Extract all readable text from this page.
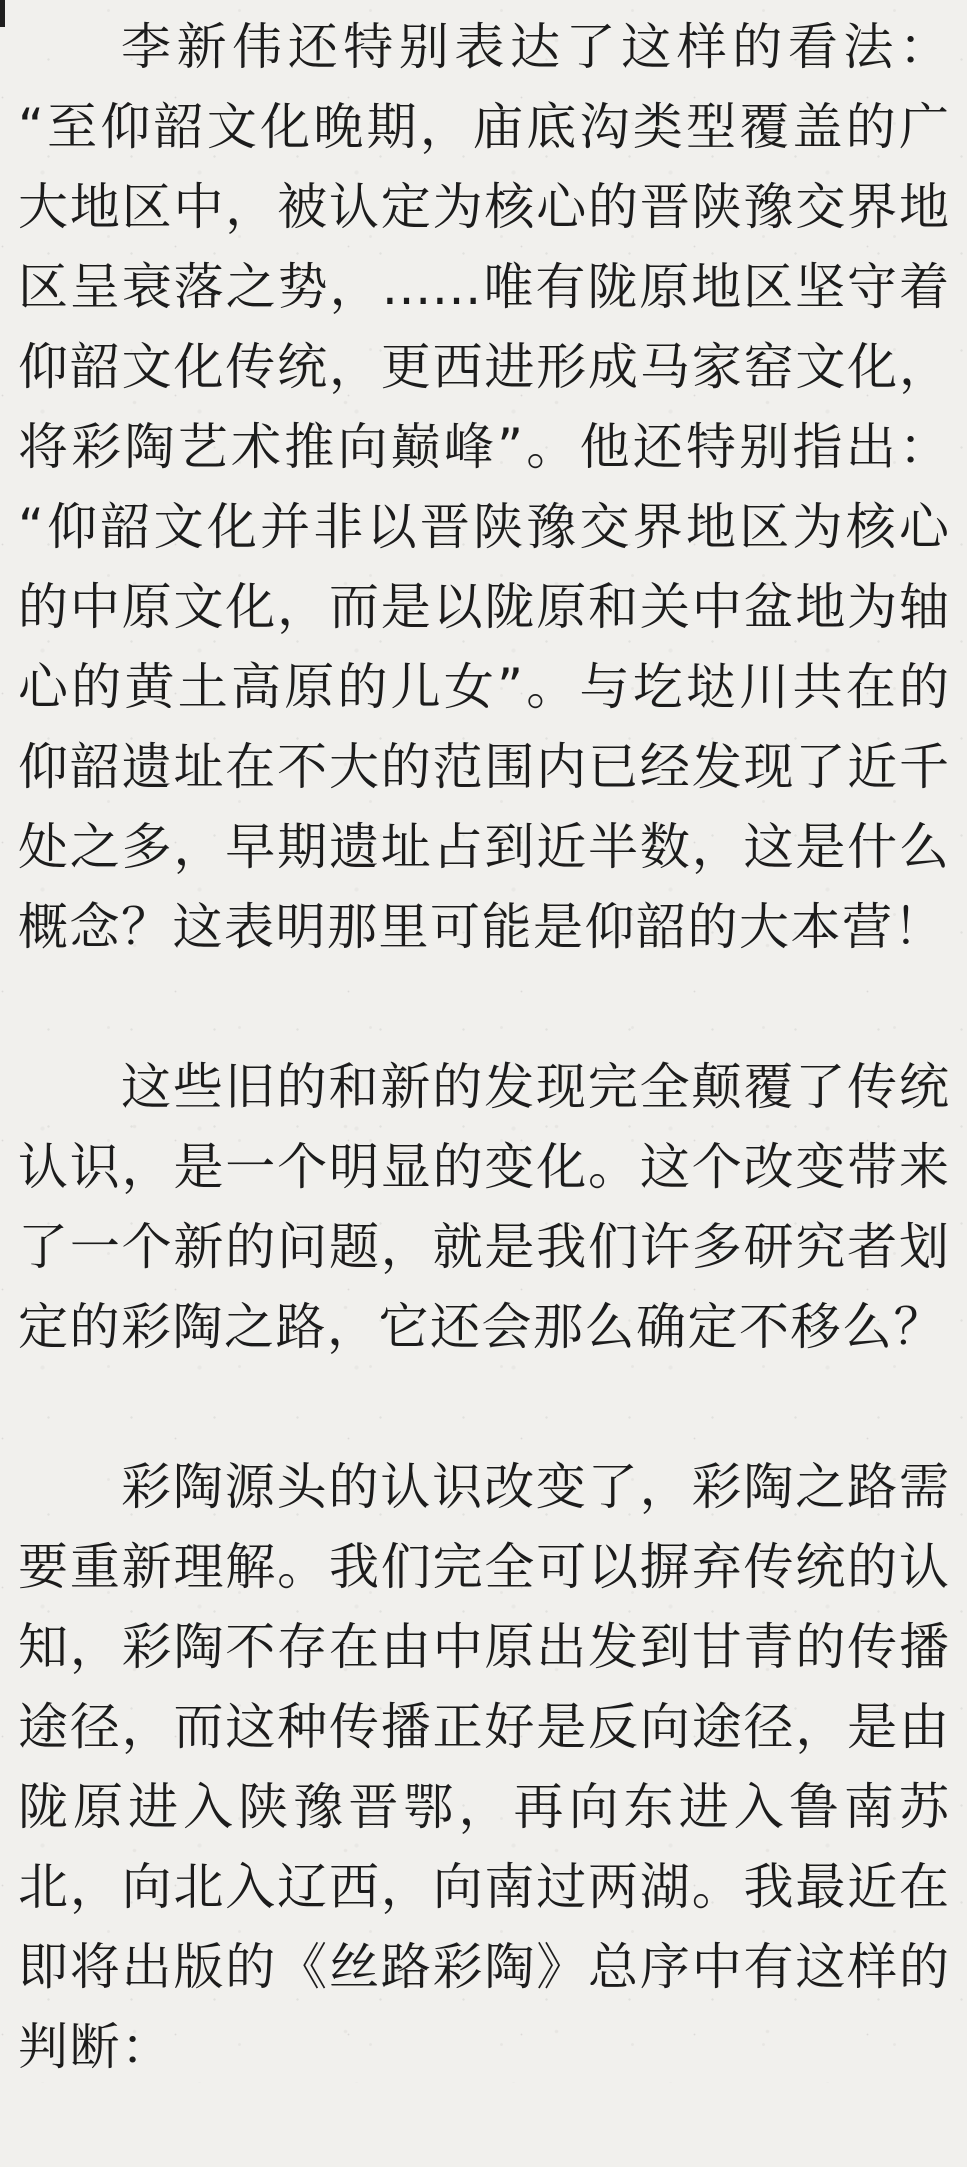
李新伟还特别表达了这样的看法：
“至仰韶文化晚期，庙底沟类型覆盖的广
大地区中，被认定为核心的晋陕豫交界地
区呈衰落之势，……唯有陇原地区坚守着
仰韶文化传统，更西进形成马家窑文化，
将彩陶艺术推向巅峰”。他还特别指出：
“仰韶文化并非以晋陕豫交界地区为核心
的中原文化，而是以陇原和关中盆地为轴
心的黄土高原的儿女”。与圪垯川共在的
仰韶遗址在不大的范围内已经发现了近千
处之多，早期遗址占到近半数，这是什么
概念？这表明那里可能是仰韶的大本营！

这些旧的和新的发现完全颠覆了传统
认识，是一个明显的变化。这个改变带来
了一个新的问题，就是我们许多研究者划
定的彩陶之路，它还会那么确定不移么？

彩陶源头的认识改变了，彩陶之路需
要重新理解。我们完全可以摒弃传统的认
知，彩陶不存在由中原出发到甘青的传播
途径，而这种传播正好是反向途径，是由
陇原进入陕豫晋鄂，再向东进入鲁南苏
北，向北入辽西，向南过两湖。我最近在
即将出版的《丝路彩陶》总序中有这样的
判断：
